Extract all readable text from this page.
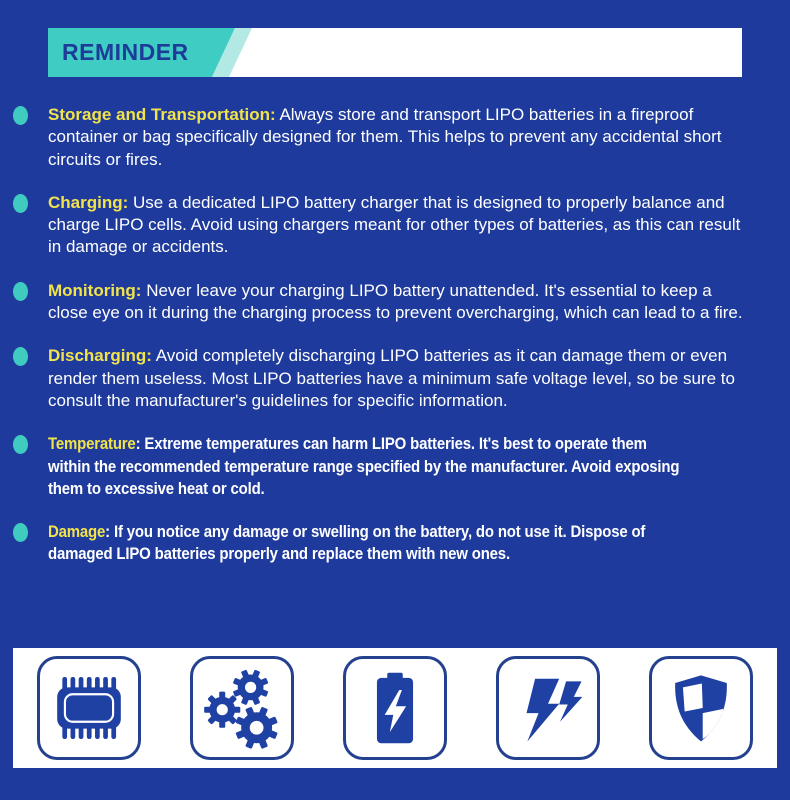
REMINDER

Storage and Transportation: Always store and transport LIPO batteries in a fireproof container or bag specifically designed for them. This helps to prevent any accidental short circuits or fires.

Charging: Use a dedicated LIPO battery charger that is designed to properly balance and charge LIPO cells. Avoid using chargers meant for other types of batteries, as this can result in damage or accidents.

Monitoring: Never leave your charging LIPO battery unattended. It's essential to keep a close eye on it during the charging process to prevent overcharging, which can lead to a fire.

Discharging: Avoid completely discharging LIPO batteries as it can damage them or even render them useless. Most LIPO batteries have a minimum safe voltage level, so be sure to consult the manufacturer's guidelines for specific information.

Temperature: Extreme temperatures can harm LIPO batteries. It's best to operate them within the recommended temperature range specified by the manufacturer. Avoid exposing them to excessive heat or cold.

Damage: If you notice any damage or swelling on the battery, do not use it. Dispose of damaged LIPO batteries properly and replace them with new ones.
